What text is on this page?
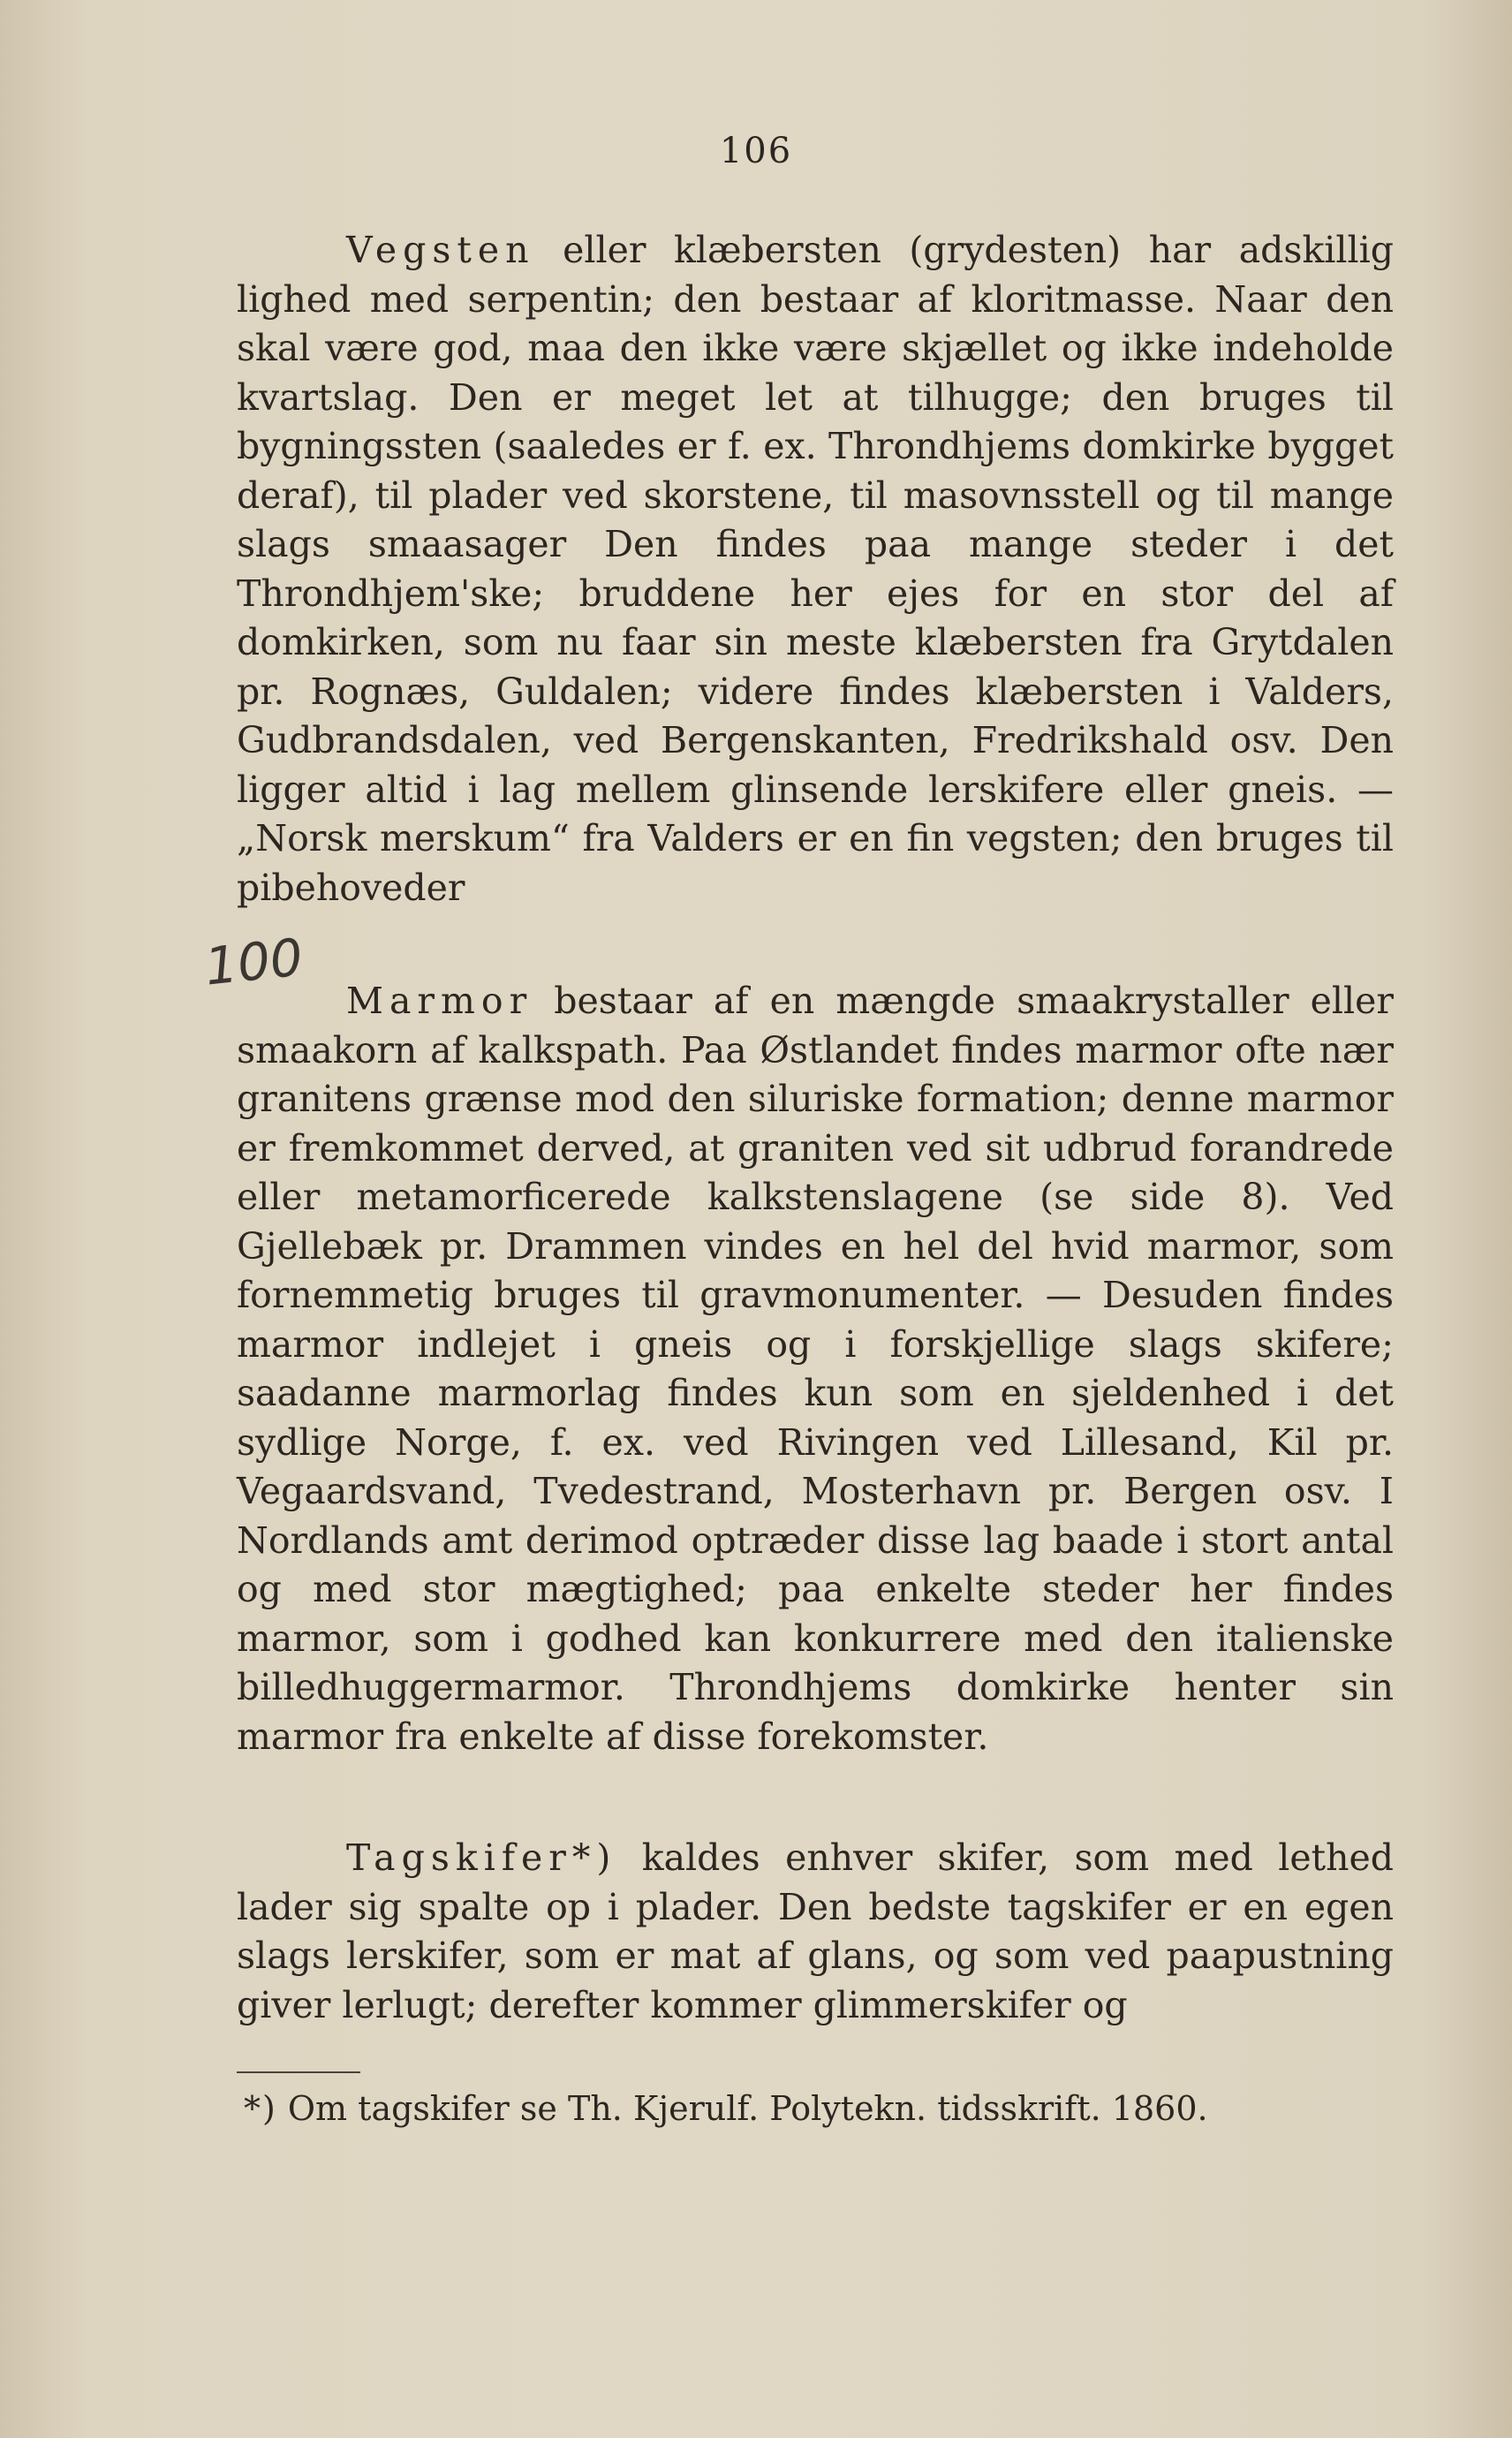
106

Vegsten eller klæbersten (grydesten) har adskillig lighed med serpentin; den bestaar af kloritmasse. Naar den skal være god, maa den ikke være skjællet og ikke indeholde kvartslag. Den er meget let at tilhugge; den bruges til bygningssten (saaledes er f. ex. Throndhjems domkirke bygget deraf), til plader ved skorstene, til masovnsstell og til mange slags smaasager Den findes paa mange steder i det Throndhjem'ske; bruddene her ejes for en stor del af domkirken, som nu faar sin meste klæbersten fra Grytdalen pr. Rognæs, Guldalen; videre findes klæbersten i Valders, Gudbrandsdalen, ved Bergenskanten, Fredrikshald osv. Den ligger altid i lag mellem glinsende lerskifere eller gneis. — „Norsk merskum“ fra Valders er en fin vegsten; den bruges til pibehoveder

100

Marmor bestaar af en mængde smaakrystaller eller smaakorn af kalkspath. Paa Østlandet findes marmor ofte nær granitens grænse mod den siluriske formation; denne marmor er fremkommet derved, at graniten ved sit udbrud forandrede eller metamorficerede kalkstenslagene (se side 8). Ved Gjellebæk pr. Drammen vindes en hel del hvid marmor, som fornemmetig bruges til gravmonumenter. — Desuden findes marmor indlejet i gneis og i forskjellige slags skifere; saadanne marmorlag findes kun som en sjeldenhed i det sydlige Norge, f. ex. ved Rivingen ved Lillesand, Kil pr. Vegaardsvand, Tvedestrand, Mosterhavn pr. Bergen osv. I Nordlands amt derimod optræder disse lag baade i stort antal og med stor mægtighed; paa enkelte steder her findes marmor, som i godhed kan konkurrere med den italienske billedhuggermarmor. Throndhjems domkirke henter sin marmor fra enkelte af disse forekomster.

Tagskifer*) kaldes enhver skifer, som med lethed lader sig spalte op i plader. Den bedste tagskifer er en egen slags lerskifer, som er mat af glans, og som ved paapustning giver lerlugt; derefter kommer glimmerskifer og

*) Om tagskifer se Th. Kjerulf. Polytekn. tidsskrift. 1860.
